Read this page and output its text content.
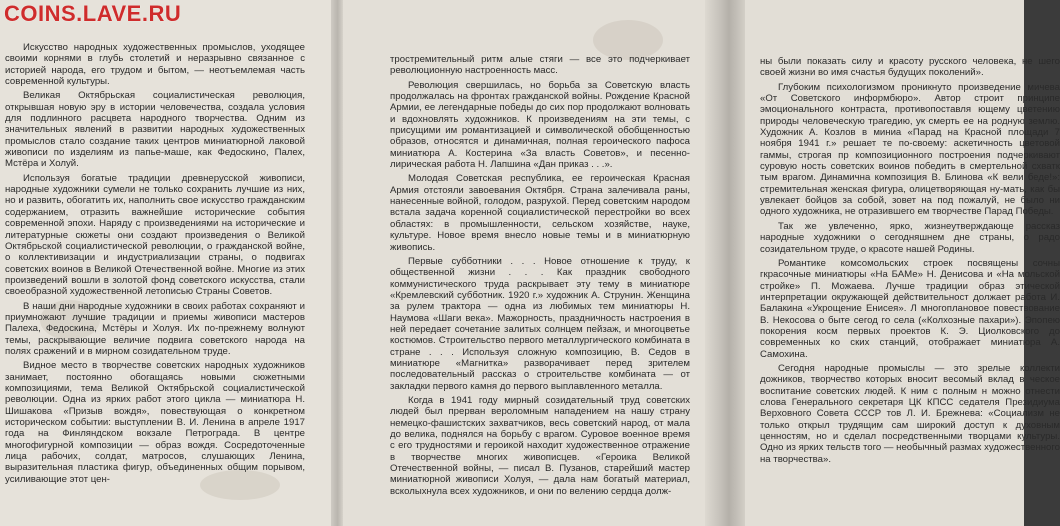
COINS.LAVE.RU

Искусство народных художественных промыслов, уходящее своими корнями в глубь столетий и неразрывно связанное с историей народа, его трудом и бытом, — неотъемлемая часть современной культуры.

Великая Октябрьская социалистическая революция, открывшая новую эру в истории человечества, создала условия для подлинного расцвета народного творчества. Одним из значительных явлений в развитии народных художественных промыслов стало создание таких центров миниатюрной лаковой живописи по изделиям из папье-маше, как Федоскино, Палех, Мстёра и Холуй.

Используя богатые традиции древнерусской живописи, народные художники сумели не только сохранить лучшие из них, но и развить, обогатить их, наполнить свое искусство гражданским содержанием, отразить важнейшие исторические события современной эпохи. Наряду с произведениями на исторические и литературные сюжеты они создают произведения о Великой Октябрьской социалистической революции, о гражданской войне, о коллективизации и индустриализации страны, о подвигах советских воинов в Великой Отечественной войне. Многие из этих произведений вошли в золотой фонд советского искусства, стали своеобразной художественной летописью Страны Советов.

В наши дни народные художники в своих работах сохраняют и приумножают лучшие традиции и приемы живописи мастеров Палеха, Федоскина, Мстёры и Холуя. Их по-прежнему волнуют темы, раскрывающие величие подвига советского народа на полях сражений и в мирном созидательном труде.

Видное место в творчестве советских народных художников занимает, постоянно обогащаясь новыми сюжетными композициями, тема Великой Октябрьской социалистической революции. Одна из ярких работ этого цикла — миниатюра Н. Шишакова «Призыв вождя», повествующая о конкретном историческом событии: выступлении В. И. Ленина в апреле 1917 года на Финляндском вокзале Петрограда. В центре многофигурной композиции — образ вождя. Сосредоточенные лица рабочих, солдат, матросов, слушающих Ленина, выразительная пластика фигур, объединенных общим порывом, усиливающие этот цен-

тростремительный ритм алые стяги — все это подчеркивает революционную настроенность масс.

Революция свершилась, но борьба за Советскую власть продолжалась на фронтах гражданской войны. Рождение Красной Армии, ее легендарные победы до сих пор продолжают волновать и вдохновлять художников. К произведениям на эти темы, с присущими им романтизацией и символической обобщенностью образов, относятся и динамичная, полная героического пафоса миниатюра А. Костерина «За власть Советов», и песенно-лирическая работа Н. Лапшина «Дан приказ . . .».

Молодая Советская республика, ее героическая Красная Армия отстояли завоевания Октября. Страна залечивала раны, нанесенные войной, голодом, разрухой. Перед советским народом встала задача коренной социалистической перестройки во всех областях: в промышленности, сельском хозяйстве, науке, культуре. Новое время внесло новые темы и в миниатюрную живопись.

Первые субботники . . . Новое отношение к труду, к общественной жизни . . . Как праздник свободного коммунистического труда раскрывает эту тему в миниатюре «Кремлевский субботник. 1920 г.» художник А. Струнин. Женщина за рулем трактора — одна из любимых тем миниатюры Н. Наумова «Шаги века». Мажорность, праздничность настроения в ней передает сочетание залитых солнцем пейзаж, и многоцветье костюмов. Строительство первого металлургического комбината в стране . . . Используя сложную композицию, В. Седов в миниатюре «Магнитка» разворачивает перед зрителем последовательный рассказ о строительстве комбината — от закладки первого камня до первого выплавленного металла.

Когда в 1941 году мирный созидательный труд советских людей был прерван вероломным нападением на нашу страну немецко-фашистских захватчиков, весь советский народ, от мала до велика, поднялся на борьбу с врагом. Суровое военное время с его трудностями и героикой находит художественное отражение в творчестве многих живописцев. «Героика Великой Отечественной войны, — писал В. Пузанов, старейший мастер миниатюрной живописи Холуя, — дала нам богатый материал, всколыхнула всех художников, и они по велению сердца долж-

ны были показать силу и красоту русского человека, не шего своей жизни во имя счастья будущих поколений».

Глубоким психологизмом проникнуто произведение мичева «От Советского информбюро». Автор строит принципе эмоционального контраста, противопоставля ющему цветению природы человеческую трагедию, ук смерть ее на родную землю. Художник А. Козлов в миниа «Парад на Красной площади 7 ноября 1941 г.» решает те по-своему: аскетичность цветовой гаммы, строгая пр композиционного построения подчеркивают суровую ность советских воинов победить в смертельной схватк тым врагом. Динамична композиция В. Блинова «К вели беде!»: стремительная женская фигура, олицетворяющая ну-мать, как бы увлекает бойцов за собой, зовет на под пожалуй, не было ни одного художника, не отразившего ем творчестве Парад Победы.

Так же увлеченно, ярко, жизнеутверждающе рассказ народные художники о сегодняшнем дне страны, о радо созидательном труде, о красоте нашей Родины.

Романтике комсомольских строек посвящены сочны гкрасочные миниатюры «На БАМе» Н. Денисова и «На мольской стройке» П. Можаева. Лучше традиции образ этической интерпретации окружающей действительност должает работа И. Балакина «Укрощение Енисея». Л многоплановое повествование В. Некосова о быте сегод го села («Колхозные пахари»). Эпопею покорения косм первых проектов К. Э. Циолковского до современных ко ских станций, отображает миниатюра А. Самохина.

Сегодня народные промыслы — это зрелые коллекти дожников, творчество которых вносит весомый вклад в ческое воспитание советских людей. К ним с полным н можно отнести слова Генерального секретаря ЦК КПСС седателя Президиума Верховного Совета СССР тов Л. И. Брежнева: «Социализм не только открыл трудящим сам широкий доступ к духовным ценностям, но и сделал посредственными творцами культуры. Одно из ярких тельств того — необычный размах художественного на творчества».
